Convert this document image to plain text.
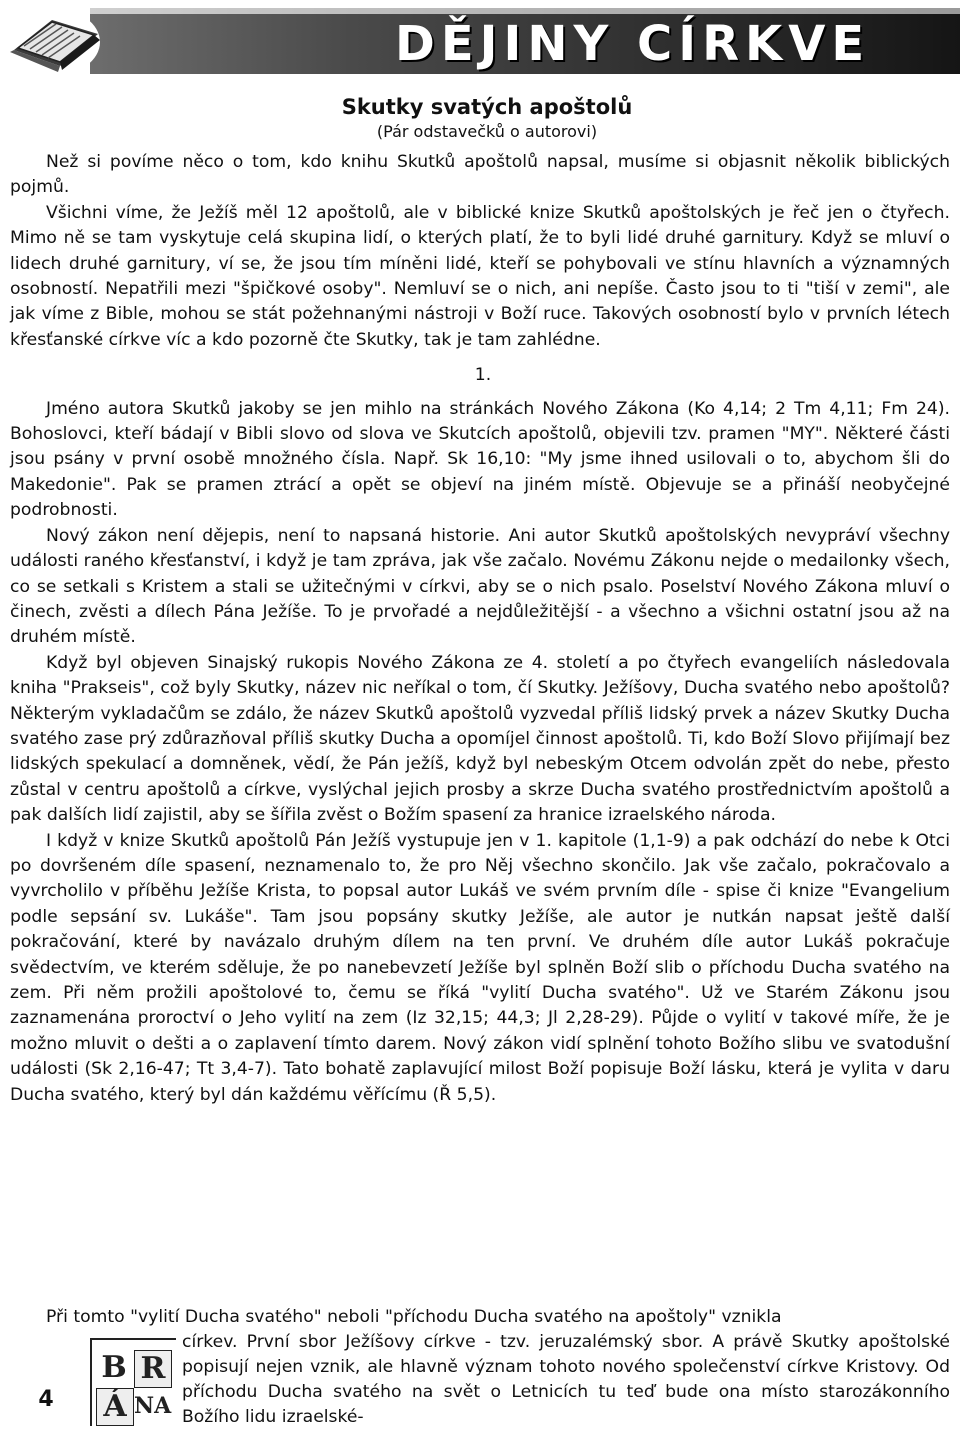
DĚJINY CÍRKVE
Skutky svatých apoštolů
(Pár odstavečků o autorovi)

Než si povíme něco o tom, kdo knihu Skutků apoštolů napsal, musíme si objasnit několik biblických pojmů.

Všichni víme, že Ježíš měl 12 apoštolů, ale v biblické knize Skutků apoštolských je řeč jen o čtyřech. Mimo ně se tam vyskytuje celá skupina lidí, o kterých platí, že to byli lidé druhé garnitury. Když se mluví o lidech druhé garnitury, ví se, že jsou tím míněni lidé, kteří se pohybovali ve stínu hlavních a významných osobností. Nepatřili mezi "špičkové osoby". Nemluví se o nich, ani nepíše. Často jsou to ti "tiší v zemi", ale jak víme z Bible, mohou se stát požehnanými nástroji v Boží ruce. Takových osobností bylo v prvních létech křesťanské církve víc a kdo pozorně čte Skutky, tak je tam zahlédne.

1.

Jméno autora Skutků jakoby se jen mihlo na stránkách Nového Zákona (Ko 4,14; 2 Tm 4,11; Fm 24). Bohoslovci, kteří bádají v Bibli slovo od slova ve Skutcích apoštolů, objevili tzv. pramen "MY". Některé části jsou psány v první osobě množného čísla. Např. Sk 16,10: "My jsme ihned usilovali o to, abychom šli do Makedonie". Pak se pramen ztrácí a opět se objeví na jiném místě. Objevuje se a přináší neobyčejné podrobnosti.

Nový zákon není dějepis, není to napsaná historie. Ani autor Skutků apoštolských nevypráví všechny události raného křesťanství, i když je tam zpráva, jak vše začalo. Novému Zákonu nejde o medailonky všech, co se setkali s Kristem a stali se užitečnými v církvi, aby se o nich psalo. Poselství Nového Zákona mluví o činech, zvěsti a dílech Pána Ježíše. To je prvořadé a nejdůležitější - a všechno a všichni ostatní jsou až na druhém místě.

Když byl objeven Sinajský rukopis Nového Zákona ze 4. století a po čtyřech evangeliích následovala kniha "Prakseis", což byly Skutky, název nic neříkal o tom, čí Skutky. Ježíšovy, Ducha svatého nebo apoštolů? Některým vykladačům se zdálo, že název Skutků apoštolů vyzvedal příliš lidský prvek a název Skutky Ducha svatého zase prý zdůrazňoval příliš skutky Ducha a opomíjel činnost apoštolů. Ti, kdo Boží Slovo přijímají bez lidských spekulací a domněnek, vědí, že Pán ježíš, když byl nebeským Otcem odvolán zpět do nebe, přesto zůstal v centru apoštolů a církve, vyslýchal jejich prosby a skrze Ducha svatého prostřednictvím apoštolů a pak dalších lidí zajistil, aby se šířila zvěst o Božím spasení za hranice izraelského národa.

I když v knize Skutků apoštolů Pán Ježíš vystupuje jen v 1. kapitole (1,1-9) a pak odchází do nebe k Otci po dovršeném díle spasení, neznamenalo to, že pro Něj všechno skončilo. Jak vše začalo, pokračovalo a vyvrcholilo v příběhu Ježíše Krista, to popsal autor Lukáš ve svém prvním díle - spise či knize "Evangelium podle sepsání sv. Lukáše". Tam jsou popsány skutky Ježíše, ale autor je nutkán napsat ještě další pokračování, které by navázalo druhým dílem na ten první. Ve druhém díle autor Lukáš pokračuje svědectvím, ve kterém sděluje, že po nanebevzetí Ježíše byl splněn Boží slib o příchodu Ducha svatého na zem. Při něm prožili apoštolové to, čemu se říká "vylití Ducha svatého". Už ve Starém Zákonu jsou zaznamenána proroctví o Jeho vylití na zem (Iz 32,15; 44,3; Jl 2,28-29). Půjde o vylití v takové míře, že je možno mluvit o dešti a o zaplavení tímto darem. Nový zákon vidí splnění tohoto Božího slibu ve svatodušní události (Sk 2,16-47; Tt 3,4-7). Tato bohatě zaplavující milost Boží popisuje Boží lásku, která je vylita v daru Ducha svatého, který byl dán každému věřícímu (Ř 5,5).

Při tomto "vylití Ducha svatého" neboli "příchodu Ducha svatého na apoštoly" vznikla

církev. První sbor Ježíšovy církve - tzv. jeruzalémský sbor. A právě Skutky apoštolské popisují nejen vznik, ale hlavně význam tohoto nového společenství církve Kristovy. Od příchodu Ducha svatého na svět o Letnicích tu teď bude ona místo starozákonního Božího lidu izraelské-

4
B R
Á NA
